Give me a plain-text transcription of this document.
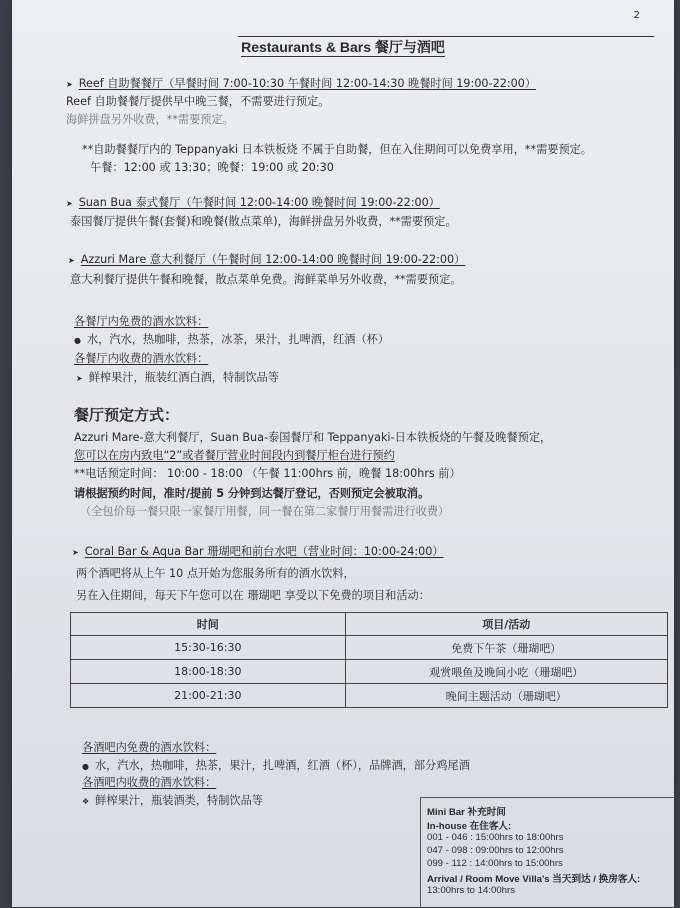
2
Restaurants & Bars 餐厅与酒吧
➤ Reef 自助餐餐厅（早餐时间 7:00-10:30 午餐时间 12:00-14:30 晚餐时间 19:00-22:00）
Reef 自助餐餐厅提供早中晚三餐，不需要进行预定。
海鲜拼盘另外收费，**需要预定。
**自助餐餐厅内的 Teppanyaki 日本铁板烧 不属于自助餐，但在入住期间可以免费享用，**需要预定。
午餐：12:00 或 13:30；晚餐：19:00 或 20:30
➤ Suan Bua 泰式餐厅（午餐时间 12:00-14:00 晚餐时间 19:00-22:00）
泰国餐厅提供午餐(套餐)和晚餐(散点菜单)，海鲜拼盘另外收费，**需要预定。
➤ Azzuri Mare 意大利餐厅（午餐时间 12:00-14:00 晚餐时间 19:00-22:00）
意大利餐厅提供午餐和晚餐，散点菜单免费。海鲜菜单另外收费，**需要预定。
各餐厅内免费的酒水饮料：
● 水，汽水，热咖啡，热茶，冰茶，果汁，扎啤酒，红酒（杯）
各餐厅内收费的酒水饮料：
➤ 鲜榨果汁，瓶装红酒白酒，特制饮品等
餐厅预定方式：
Azzuri Mare-意大利餐厅，Suan Bua-泰国餐厅和 Teppanyaki-日本铁板烧的午餐及晚餐预定，
您可以在房内致电“2”或者餐厅营业时间段内到餐厅柜台进行预约
**电话预定时间： 10:00 - 18:00 （午餐 11:00hrs 前，晚餐 18:00hrs 前）
请根据预约时间，准时/提前 5 分钟到达餐厅登记，否则预定会被取消。
（全包价每一餐只限一家餐厅用餐，同一餐在第二家餐厅用餐需进行收费）
➤ Coral Bar & Aqua Bar 珊瑚吧和前台水吧（营业时间：10:00-24:00）
两个酒吧将从上午 10 点开始为您服务所有的酒水饮料，
另在入住期间，每天下午您可以在 珊瑚吧 享受以下免费的项目和活动：
时间	项目/活动
15:30-16:30	免费下午茶（珊瑚吧）
18:00-18:30	观赏喂鱼及晚间小吃（珊瑚吧）
21:00-21:30	晚间主题活动（珊瑚吧）
各酒吧内免费的酒水饮料：
● 水，汽水，热咖啡，热茶，果汁，扎啤酒，红酒（杯），品牌酒，部分鸡尾酒
各酒吧内收费的酒水饮料：
❖ 鲜榨果汁，瓶装酒类，特制饮品等
Mini Bar 补充时间
In-house 在住客人:
001 - 046 : 15:00hrs to 18:00hrs
047 - 098 : 09:00hrs to 12:00hrs
099 - 112 : 14:00hrs to 15:00hrs
Arrival / Room Move Villa's 当天到达 / 换房客人:
13:00hrs to 14:00hrs
